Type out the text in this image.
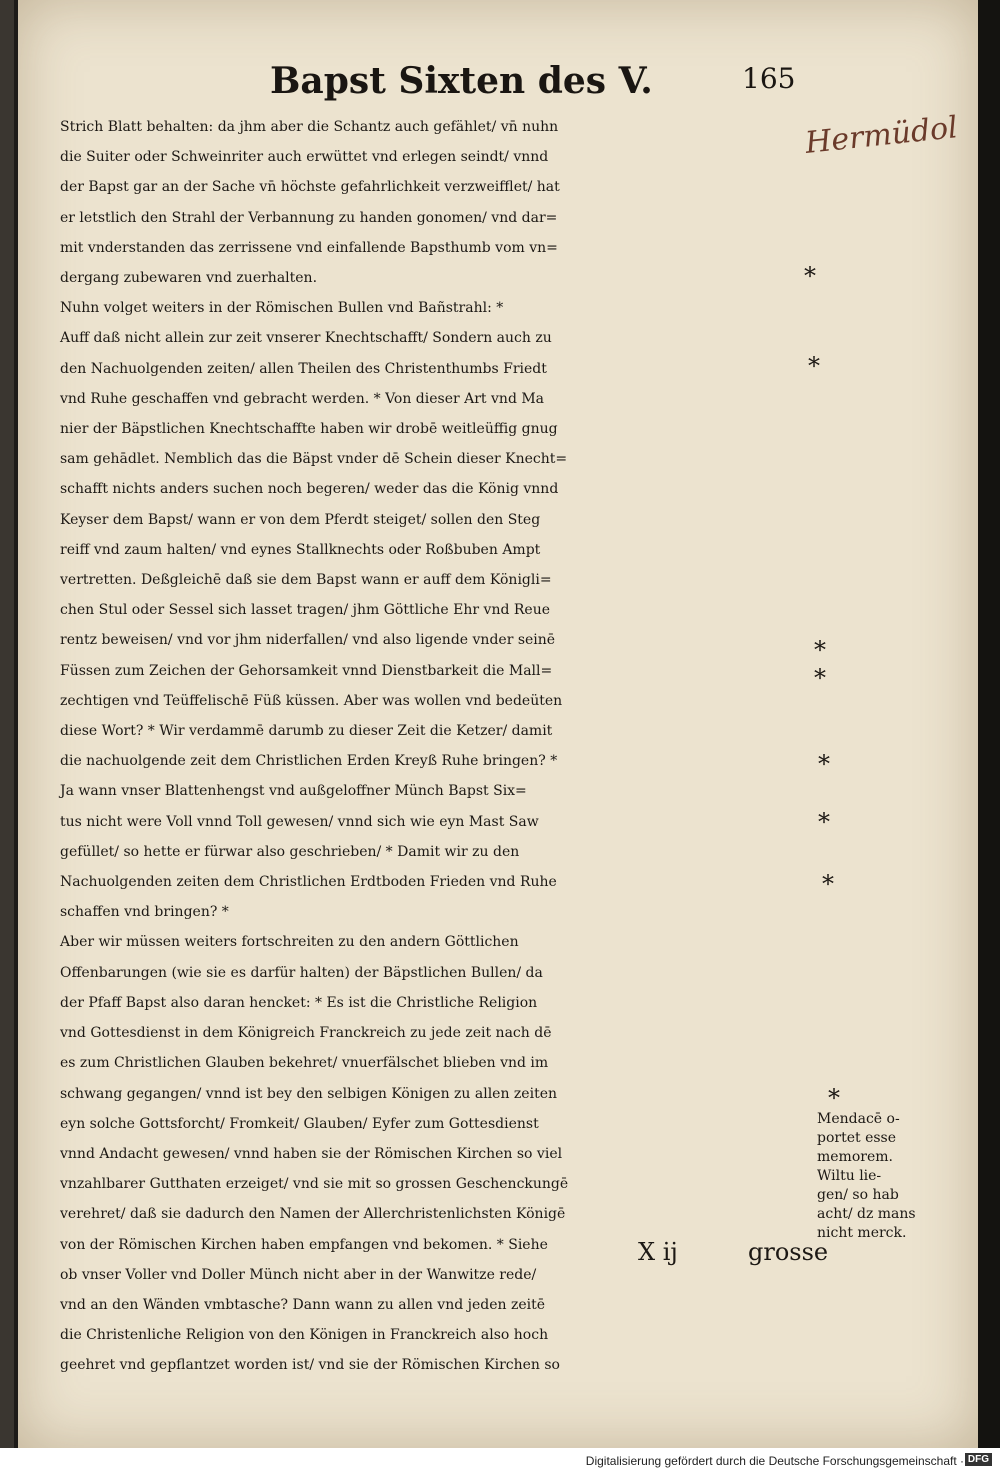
Bapst Sixten des V.	165
Hermüdol
Strich Blatt behalten: da jhm aber die Schantz auch gefählet/ vn̄ nuhn
die Suiter oder Schweinriter auch erwüttet vnd erlegen seindt/ vnnd
der Bapst gar an der Sache vn̄ höchste gefahrlichkeit verzweifflet/ hat
er letstlich den Strahl der Verbannung zu handen gonomen/ vnd dar=
mit vnderstanden das zerrissene vnd einfallende Bapsthumb vom vn=
dergang zubewaren vnd zuerhalten.
Nuhn volget weiters in der Römischen Bullen vnd Bañstrahl: *
Auff daß nicht allein zur zeit vnserer Knechtschafft/ Sondern auch zu
den Nachuolgenden zeiten/ allen Theilen des Christenthumbs Friedt
vnd Ruhe geschaffen vnd gebracht werden. * Von dieser Art vnd Ma
nier der Bäpstlichen Knechtschaffte haben wir drobē weitleüffig gnug
sam gehādlet. Nemblich das die Bäpst vnder dē Schein dieser Knecht=
schafft nichts anders suchen noch begeren/ weder das die König vnnd
Keyser dem Bapst/ wann er von dem Pferdt steiget/ sollen den Steg
reiff vnd zaum halten/ vnd eynes Stallknechts oder Roßbuben Ampt
vertretten. Deßgleichē daß sie dem Bapst wann er auff dem Königli=
chen Stul oder Sessel sich lasset tragen/ jhm Göttliche Ehr vnd Reue
rentz beweisen/ vnd vor jhm niderfallen/ vnd also ligende vnder seinē
Füssen zum Zeichen der Gehorsamkeit vnnd Dienstbarkeit die Mall=
zechtigen vnd Teüffelischē Füß küssen. Aber was wollen vnd bedeüten
diese Wort? * Wir verdammē darumb zu dieser Zeit die Ketzer/ damit
die nachuolgende zeit dem Christlichen Erden Kreyß Ruhe bringen? *
Ja wann vnser Blattenhengst vnd außgeloffner Münch Bapst Six=
tus nicht were Voll vnnd Toll gewesen/ vnnd sich wie eyn Mast Saw
gefüllet/ so hette er fürwar also geschrieben/ * Damit wir zu den
Nachuolgenden zeiten dem Christlichen Erdtboden Frieden vnd Ruhe
schaffen vnd bringen? *
Aber wir müssen weiters fortschreiten zu den andern Göttlichen
Offenbarungen (wie sie es darfür halten) der Bäpstlichen Bullen/ da
der Pfaff Bapst also daran hencket: * Es ist die Christliche Religion
vnd Gottesdienst in dem Königreich Franckreich zu jede zeit nach dē
es zum Christlichen Glauben bekehret/ vnuerfälschet blieben vnd im
schwang gegangen/ vnnd ist bey den selbigen Königen zu allen zeiten
eyn solche Gottsforcht/ Fromkeit/ Glauben/ Eyfer zum Gottesdienst
vnnd Andacht gewesen/ vnnd haben sie der Römischen Kirchen so viel
vnzahlbarer Gutthaten erzeiget/ vnd sie mit so grossen Geschenckungē
verehret/ daß sie dadurch den Namen der Allerchristenlichsten Königē
von der Römischen Kirchen haben empfangen vnd bekomen. * Siehe
ob vnser Voller vnd Doller Münch nicht aber in der Wanwitze rede/
vnd an den Wänden vmbtasche? Dann wann zu allen vnd jeden zeitē
die Christenliche Religion von den Königen in Franckreich also hoch
geehret vnd gepflantzet worden ist/ vnd sie der Römischen Kirchen so
*
*
*
*
*
*
*
*
Mendacē o-
portet esse
memorem.
Wiltu lie-
gen/ so hab
acht/ dz mans
nicht merck.
X ij	grosse
Digitalisierung gefördert durch die Deutsche Forschungsgemeinschaft · DFG
